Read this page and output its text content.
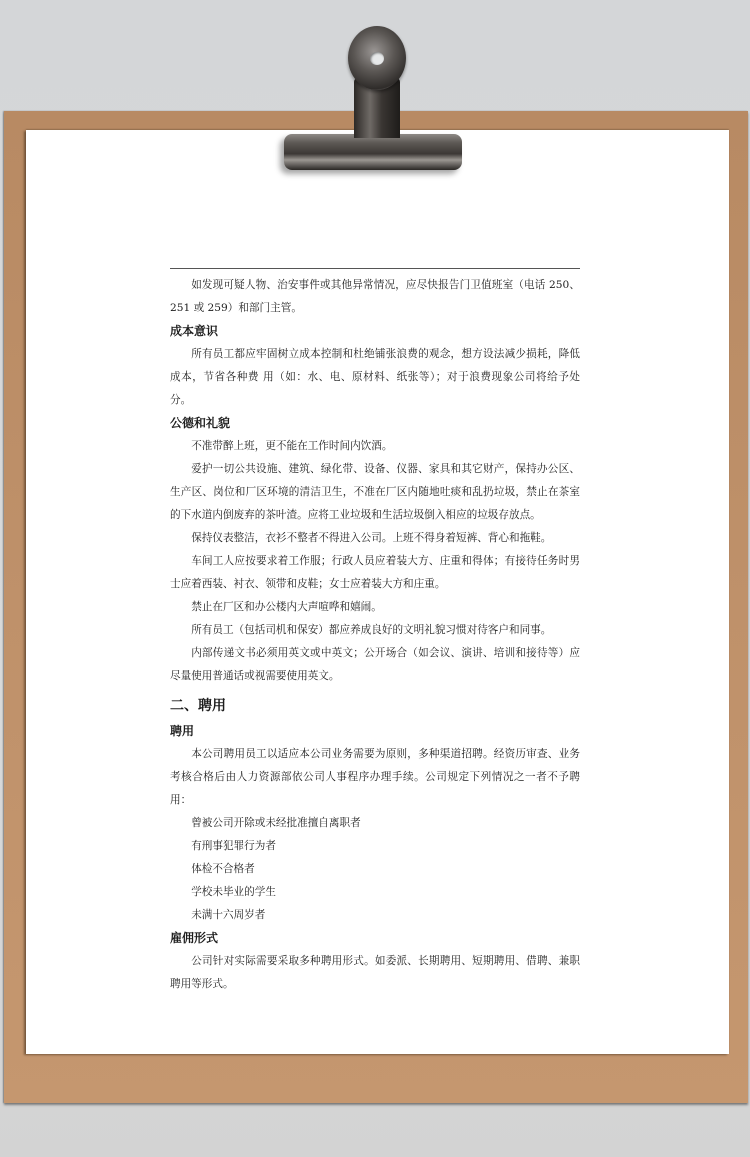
如发现可疑人物、治安事件或其他异常情况，应尽快报告门卫值班室（电话 250、251 或 259）和部门主管。

成本意识

所有员工都应牢固树立成本控制和杜绝铺张浪费的观念，想方设法减少损耗，降低成本，节省各种费 用（如：水、电、原材料、纸张等）；对于浪费现象公司将给予处分。

公德和礼貌

不准带醉上班，更不能在工作时间内饮酒。

爱护一切公共设施、建筑、绿化带、设备、仪器、家具和其它财产，保持办公区、生产区、岗位和厂区环境的清洁卫生，不准在厂区内随地吐痰和乱扔垃圾，禁止在茶室的下水道内倒废弃的茶叶渣。应将工业垃圾和生活垃圾倒入相应的垃圾存放点。

保持仪表整洁，衣衫不整者不得进入公司。上班不得身着短裤、背心和拖鞋。

车间工人应按要求着工作服；行政人员应着装大方、庄重和得体；有接待任务时男士应着西装、衬衣、领带和皮鞋；女士应着装大方和庄重。

禁止在厂区和办公楼内大声喧哗和嬉闹。

所有员工（包括司机和保安）都应养成良好的文明礼貌习惯对待客户和同事。

内部传递文书必须用英文或中英文；公开场合（如会议、演讲、培训和接待等）应尽量使用普通话或视需要使用英文。

二、聘用
聘用

本公司聘用员工以适应本公司业务需要为原则，多种渠道招聘。经资历审查、业务考核合格后由人力资源部依公司人事程序办理手续。公司规定下列情况之一者不予聘用：

曾被公司开除或未经批准擅自离职者

有刑事犯罪行为者

体检不合格者

学校未毕业的学生

未满十六周岁者

雇佣形式

公司针对实际需要采取多种聘用形式。如委派、长期聘用、短期聘用、借聘、兼职聘用等形式。
